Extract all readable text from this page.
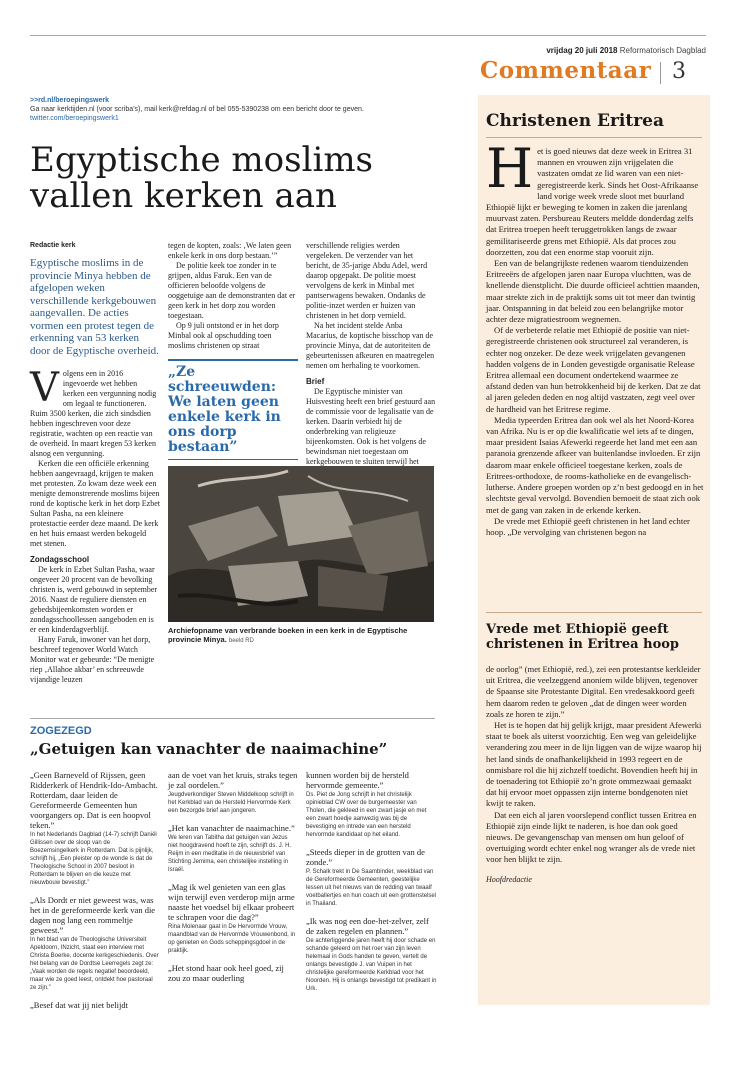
vrijdag 20 juli 2018 Reformatorisch Dagblad
Commentaar 3
>>rd.nl/beroepingswerk
Ga naar kerktijden.nl (voor scriba’s), mail kerk@refdag.nl of bel 055-5390238 om een bericht door te geven.
twitter.com/beroepingswerk1
Egyptische moslims vallen kerken aan
Redactie kerk
Egyptische moslims in de provincie Minya hebben de afgelopen weken verschillende kerkgebouwen aangevallen. De acties vormen een protest tegen de erkenning van 53 kerken door de Egyptische overheid.
V olgens een in 2016 ingevoerde wet hebben kerken een vergunning nodig om legaal te functioneren. Ruim 3500 kerken, die zich sindsdien hebben ingeschreven voor deze registratie, wachten op een reactie van de overheid. In maart kregen 53 kerken alsnog een vergunning.

Kerken die een officiële erkenning hebben aangevraagd, krijgen te maken met protesten. Zo kwam deze week een menigte demonstrerende moslims bijeen rond de koptische kerk in het dorp Ezbet Sultan Pasha, na een kleinere protestactie eerder deze maand. De kerk en het huis ernaast werden bekogeld met stenen.

Zondagsschool

De kerk in Ezbet Sultan Pasha, waar ongeveer 20 procent van de bevolking christen is, werd gebouwd in september 2016. Naast de reguliere diensten en gebedsbijeenkomsten worden er zondagsschoollessen aangeboden en is er een kinderdagverblijf.

Hany Faruk, inwoner van het dorp, beschreef tegenover World Watch Monitor wat er gebeurde: “De menigte riep ‚Allahoe akbar’ en schreeuwde vijandige leuzen

tegen de kopten, zoals: ‚We laten geen enkele kerk in ons dorp bestaan.’”

De politie keek toe zonder in te grijpen, aldus Faruk. Een van de officieren beloofde volgens de ooggetuige aan de demonstranten dat er geen kerk in het dorp zou worden toegestaan.

Op 9 juli ontstond er in het dorp Minbal ook al opschudding toen moslims christenen op straat

„Ze schreeuwden: We laten geen enkele kerk in ons dorp bestaan”

verschillende religies werden vergeleken. De verzender van het bericht, de 35-jarige Abdu Adel, werd daarop opgepakt. De politie moest vervolgens de kerk in Minbal met pantserwagens bewaken. Ondanks de politie-inzet werden er huizen van christenen in het dorp vernield.

Na het incident stelde Anba Macarius, de koptische bisschop van de provincie Minya, dat de autoriteiten de gebeurtenissen afkeuren en maatregelen nemen om herhaling te voorkomen.

Brief

De Egyptische minister van Huisvesting heeft een brief gestuurd aan de commissie voor de legalisatie van de kerken. Daarin verbiedt hij de onderbreking van religieuze bijeenkomsten. Ook is het volgens de bewindsman niet toegestaan om kerkgebouwen te sluiten terwijl het

Archiefopname van verbrande boeken in een kerk in de Egyptische provincie Minya. beeld RD
ZOGEZEGD
„Getuigen kan vanachter de naaimachine”
„Geen Barneveld of Rijssen, geen Ridderkerk of Hendrik-Ido-Ambacht. Rotterdam, daar leiden de Gereformeerde Gemeenten hun voorgangers op. Dat is een hoopvol teken.”
In het Nederlands Dagblad (14-7) schrijft Daniël Gillissen over de sloop van de Boezemsingelkerk in Rotterdam. Dat is pijnlijk, schrijft hij, „Een pleister op de wonde is dat de Theologische School in 2007 besloot in Rotterdam te blijven en die keuze met nieuwbouw bevestigt.”
„Als Dordt er niet geweest was, was het in de gereformeerde kerk van die dagen nog lang een rommeltje geweest.”
In het blad van de Theologische Universiteit Apeldoorn, INzicht, staat een interview met Christa Boerke, docente kerkgeschiedenis. Over het belang van de Dordtse Leerregels zegt ze: „Vaak worden de regels negatief beoordeeld, maar wie ze goed leest, ontdekt hoe pastoraal ze zijn.”
„Besef dat wat jij niet belijdt
aan de voet van het kruis, straks tegen je zal oordelen.”
Jeugdverkondiger Steven Middelkoop schrijft in het Kerkblad van de Hersteld Hervormde Kerk een bezorgde brief aan jongeren.
„Het kan vanachter de naaimachine.”
We leren van Tabitha dat getuigen van Jezus niet hoogdravend hoeft te zijn, schrijft ds. J. H. Reijm in een meditatie in de nieuwsbrief van Stichting Jemima, een christelijke instelling in Israël.
„Mag ik wel genieten van een glas wijn terwijl even verderop mijn arme naaste het voedsel bij elkaar probeert te schrapen voor die dag?”
Rina Molenaar gaat in De Hervormde Vrouw, maandblad van de Hervormde Vrouwenbond, in op genieten en Gods scheppingsgdoel in de praktijk.
„Het stond haar ook heel goed, zij zou zo maar ouderling
kunnen worden bij de hersteld hervormde gemeente.”
Ds. Piet de Jong schrijft in het christelijk opinieblad CW over de burgemeester van Tholen, die gekleed in een zwart jasje en met een zwart hoedje aanwezig was bij de bevestiging en intrede van een hersteld hervormde kandidaat op het eiland.
„Steeds dieper in de grotten van de zonde.”
P. Schalk trekt in De Saambinder, weekblad van de Gereformeerde Gemeenten, geestelijke lessen uit het nieuws van de redding van twaalf voetballertjes en hun coach uit een grottenstelsel in Thailand.
„Ik was nog een doe-het-zelver, zelf de zaken regelen en plannen.”
De achterliggende jaren heeft hij door schade en schande geleerd om het roer van zijn leven helemaal in Gods handen te geven, vertelt de onlangs bevestigde J. van Vuipen in het christelijke gereformeerde Kerkblad voor het Noorden. Hij is onlangs bevestigd tot predikant in Urk.
Christenen Eritrea
H et is goed nieuws dat deze week in Eritrea 31 mannen en vrouwen zijn vrijgelaten die vastzaten omdat ze lid waren van een niet-geregistreerde kerk. Sinds het Oost-Afrikaanse land vorige week vrede sloot met buurland Ethiopië lijkt er beweging te komen in zaken die jarenlang muurvast zaten. Persbureau Reuters meldde donderdag zelfs dat Eritrea troepen heeft teruggetrokken langs de zwaar gemilitariseerde grens met Ethiopië. Als dat proces zou doorzetten, zou dat een enorme stap vooruit zijn.

Een van de belangrijkste redenen waarom tienduizenden Eritreeërs de afgelopen jaren naar Europa vluchtten, was de knellende dienstplicht. Die duurde officieel achttien maanden, maar strekte zich in de praktijk soms uit tot meer dan twintig jaar. Ontspanning in dat beleid zou een belangrijke motor achter deze migratiestroom wegnemen.

Of de verbeterde relatie met Ethiopië de positie van niet-geregistreerde christenen ook structureel zal veranderen, is echter nog onzeker. De deze week vrijgelaten gevangenen hadden volgens de in Londen gevestigde organisatie Release Eritrea allemaal een document ondertekend waarmee ze afstand deden van hun betrokkenheid bij de kerken. Dat ze dat al jaren geleden deden en nog altijd vastzaten, zegt veel over de hardheid van het Eritrese regime.

Media typeerden Eritrea dan ook wel als het Noord-Korea van Afrika. Nu is er op die kwalificatie wel iets af te dingen, maar president Isaias Afewerki regeerde het land met een aan paranoia grenzende afkeer van buitenlandse invloeden. Er zijn daarom maar enkele officieel toegestane kerken, zoals de Eritrees-orthodoxe, de rooms-katholieke en de evangelisch-lutherse. Andere groepen worden op z’n best gedoogd en in het slechtste geval vervolgd. Bovendien bemoeit de staat zich ook met de gang van zaken in de erkende kerken.

De vrede met Ethiopië geeft christenen in het land echter hoop. „De vervolging van christenen begon na

Vrede met Ethiopië geeft christenen in Eritrea hoop

de oorlog” (met Ethiopië, red.), zei een protestantse kerkleider uit Eritrea, die veelzeggend anoniem wilde blijven, tegenover de Spaanse site Protestante Digital. Een vredesakkoord geeft hem daarom reden te geloven „dat de dingen weer worden zoals ze horen te zijn.”

Het is te hopen dat hij gelijk krijgt, maar president Afewerki staat te boek als uiterst voorzichtig. Een weg van geleidelijke verandering zou meer in de lijn liggen van de wijze waarop hij het land sinds de onafhankelijkheid in 1993 regeert en de onmisbare rol die hij zichzelf toedicht. Bovendien heeft hij in de toenadering tot Ethiopië zo’n grote ommezwaai gemaakt dat hij ervoor moet oppassen zijn interne bondgenoten niet kwijt te raken.

Dat een eich al jaren voorslepend conflict tussen Eritrea en Ethiopië zijn einde lijkt te naderen, is hoe dan ook goed nieuws. De gevangenschap van mensen om hun geloof of overtuiging wordt echter enkel nog wranger als de vrede niet voor hen blijkt te zijn.

Hoofdredactie
